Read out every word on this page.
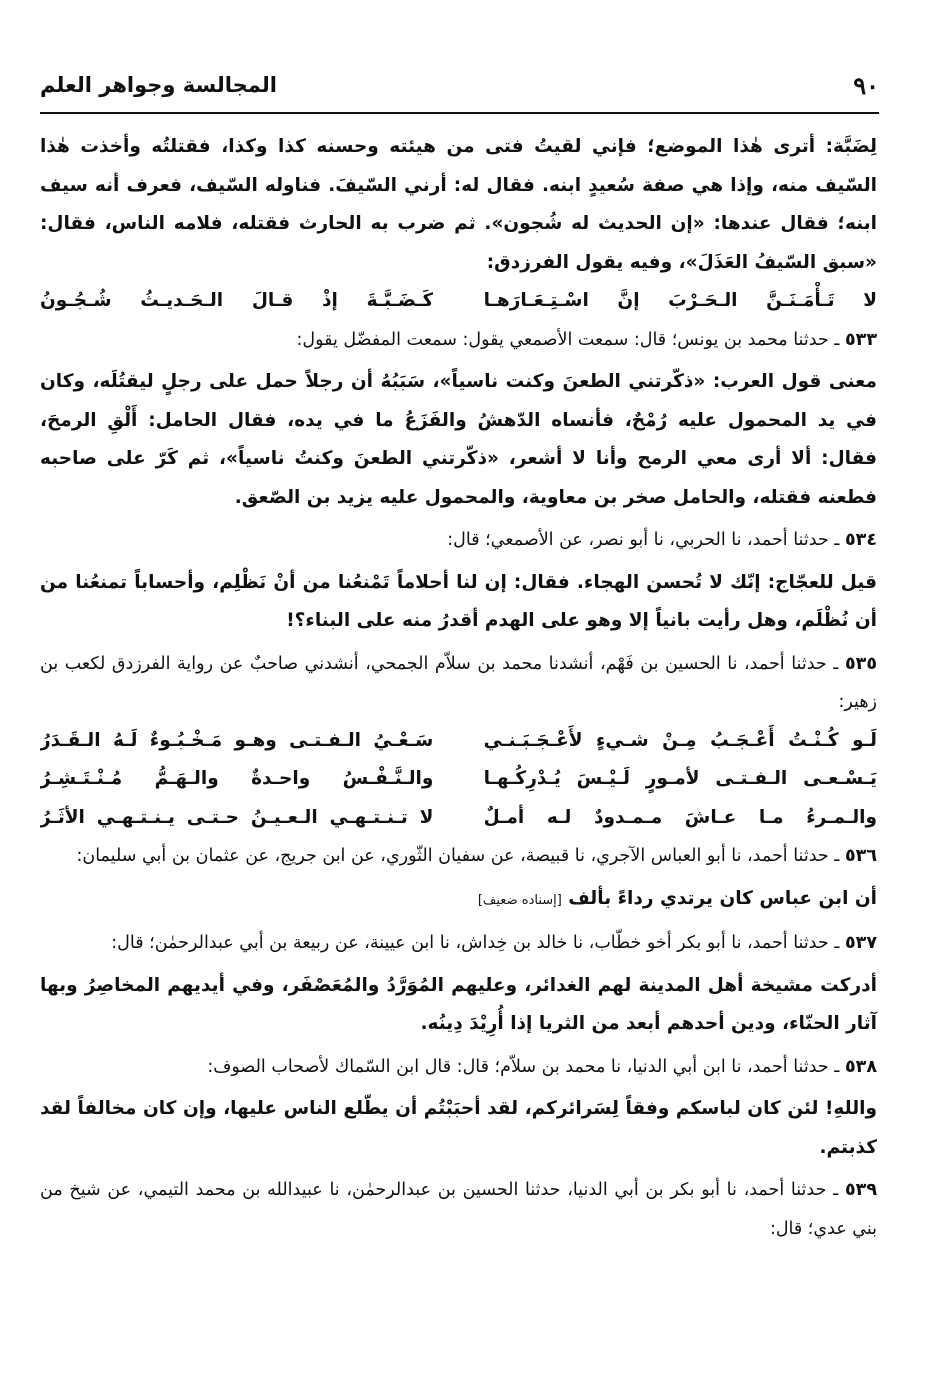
٩٠
المجالسة وجواهر العلم

لِضَبَّة: أترى هٰذا الموضع؛ فإني لقيتُ فتى من هيئته وحسنه كذا وكذا، فقتلتُه وأخذت هٰذا السّيف منه، وإذا هي صفة سُعيدٍ ابنه. فقال له: أرني السّيفَ. فناوله السّيف، فعرف أنه سيف ابنه؛ فقال عندها: «إن الحديث له شُجون». ثم ضرب به الحارث فقتله، فلامه الناس، فقال: «سبق السّيفُ العَذَلَ»، وفيه يقول الفرزدق:

لا تَـأْمَـنَـنَّ الـحَـرْبَ إنَّ اسْـتِـعَـارَهـا
كَـضَـبَّـةَ إذْ قـالَ الـحَـديـثُ شُـجُـونُ

٥٣٣ ـ حدثنا محمد بن يونس؛ قال: سمعت الأصمعي يقول: سمعت المفضّل يقول:

معنى قول العرب: «ذكّرتني الطعنَ وكنت ناسياً»، سَبَبُهُ أن رجلاً حمل على رجلٍ ليقتُلَه، وكان في يد المحمول عليه رُمْحٌ، فأنساه الدّهشُ والفَزَعُ ما في يده، فقال الحامل: أَلْقِ الرمحَ، فقال: ألا أرى معي الرمح وأنا لا أشعر، «ذكّرتني الطعنَ وكنتُ ناسياً»، ثم كَرّ على صاحبه فطعنه فقتله، والحامل صخر بن معاوية، والمحمول عليه يزيد بن الصّعق.

٥٣٤ ـ حدثنا أحمد، نا الحربي، نا أبو نصر، عن الأصمعي؛ قال:

قيل للعجّاج: إنّك لا تُحسن الهجاء. فقال: إن لنا أحلاماً تَمْنعُنا من أنْ نَظْلِم، وأحساباً تمنعُنا من أن نُظْلَم، وهل رأيت بانياً إلا وهو على الهدم أقدرُ منه على البناء؟!

٥٣٥ ـ حدثنا أحمد، نا الحسين بن فَهْم، أنشدنا محمد بن سلاّم الجمحي، أنشدني صاحبٌ عن رواية الفرزدق لكعب بن زهير:

لَـو كُـنْـتُ أَعْـجَـبُ مِـنْ شـيءٍ لأَعْـجَـبَـنـي
سَـعْـيُ الـفـتـى وهـو مَـخْـبُـوءٌ لَـهُ الـقَـدَرُ
يَـسْـعـى الـفـتـى لأمـورٍ لَـيْـسَ يُـدْرِكُـهـا
والـنَّـفْـسُ واحـدةٌ والـهَـمُّ مُـنْـتَـشِـرُ
والـمـرءُ مـا عـاشَ مـمـدودٌ لـه أمـلٌ
لا تـنـتـهـي الـعـيـنُ حـتـى يـنـتـهـي الأثَـرُ

٥٣٦ ـ حدثنا أحمد، نا أبو العباس الآجري، نا قبيصة، عن سفيان الثّوري، عن ابن جريج، عن عثمان بن أبي سليمان:

أن ابن عباس كان يرتدي رداءً بألف [إسناده ضعيف]

٥٣٧ ـ حدثنا أحمد، نا أبو بكر أخو خطّاب، نا خالد بن خِداش، نا ابن عيينة، عن ربيعة بن أبي عبدالرحمٰن؛ قال:

أدركت مشيخة أهل المدينة لهم الغدائر، وعليهم المُوَرَّدُ والمُعَصْفَر، وفي أيديهم المخاصِرُ وبها آثار الحنّاء، ودين أحدهم أبعد من الثريا إذا أُرِيْدَ دِينُه.

٥٣٨ ـ حدثنا أحمد، نا ابن أبي الدنيا، نا محمد بن سلاّم؛ قال: قال ابن السّماك لأصحاب الصوف:

واللهِ! لئن كان لباسكم وفقاً لِسَرائركم، لقد أحبَبْتُم أن يطّلع الناس عليها، وإن كان مخالفاً لقد كذبتم.

٥٣٩ ـ حدثنا أحمد، نا أبو بكر بن أبي الدنيا، حدثنا الحسين بن عبدالرحمٰن، نا عبيدالله بن محمد التيمي، عن شيخ من بني عدي؛ قال:
